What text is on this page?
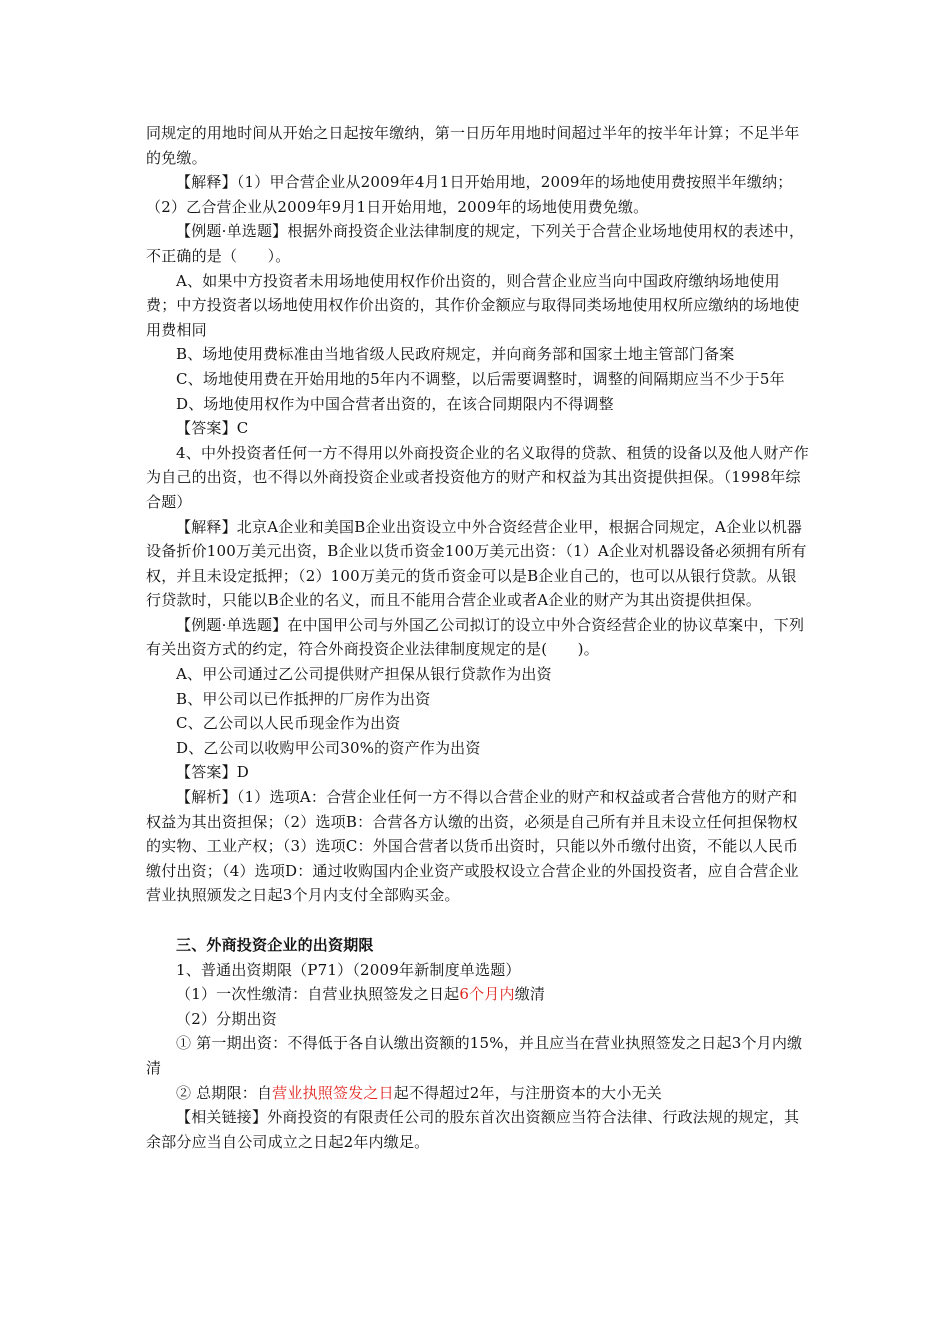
同规定的用地时间从开始之日起按年缴纳，第一日历年用地时间超过半年的按半年计算；不足半年的免缴。

【解释】（1）甲合营企业从2009年4月1日开始用地，2009年的场地使用费按照半年缴纳；（2）乙合营企业从2009年9月1日开始用地，2009年的场地使用费免缴。

【例题·单选题】根据外商投资企业法律制度的规定，下列关于合营企业场地使用权的表述中，不正确的是（　　）。

A、如果中方投资者未用场地使用权作价出资的，则合营企业应当向中国政府缴纳场地使用费；中方投资者以场地使用权作价出资的，其作价金额应与取得同类场地使用权所应缴纳的场地使用费相同

B、场地使用费标准由当地省级人民政府规定，并向商务部和国家土地主管部门备案

C、场地使用费在开始用地的5年内不调整，以后需要调整时，调整的间隔期应当不少于5年

D、场地使用权作为中国合营者出资的，在该合同期限内不得调整

【答案】C

4、中外投资者任何一方不得用以外商投资企业的名义取得的贷款、租赁的设备以及他人财产作为自己的出资，也不得以外商投资企业或者投资他方的财产和权益为其出资提供担保。（1998年综合题）

【解释】北京A企业和美国B企业出资设立中外合资经营企业甲，根据合同规定，A企业以机器设备折价100万美元出资，B企业以货币资金100万美元出资：（1）A企业对机器设备必须拥有所有权，并且未设定抵押；（2）100万美元的货币资金可以是B企业自己的，也可以从银行贷款。从银行贷款时，只能以B企业的名义，而且不能用合营企业或者A企业的财产为其出资提供担保。

【例题·单选题】在中国甲公司与外国乙公司拟订的设立中外合资经营企业的协议草案中，下列有关出资方式的约定，符合外商投资企业法律制度规定的是(　　)。

A、甲公司通过乙公司提供财产担保从银行贷款作为出资

B、甲公司以已作抵押的厂房作为出资

C、乙公司以人民币现金作为出资

D、乙公司以收购甲公司30%的资产作为出资

【答案】D

【解析】（1）选项A：合营企业任何一方不得以合营企业的财产和权益或者合营他方的财产和权益为其出资担保；（2）选项B：合营各方认缴的出资，必须是自己所有并且未设立任何担保物权的实物、工业产权；（3）选项C：外国合营者以货币出资时，只能以外币缴付出资，不能以人民币缴付出资；（4）选项D：通过收购国内企业资产或股权设立合营企业的外国投资者，应自合营企业营业执照颁发之日起3个月内支付全部购买金。

三、外商投资企业的出资期限

1、普通出资期限（P71）（2009年新制度单选题）

（1）一次性缴清：自营业执照签发之日起6个月内缴清

（2）分期出资

① 第一期出资：不得低于各自认缴出资额的15%，并且应当在营业执照签发之日起3个月内缴清

② 总期限：自营业执照签发之日起不得超过2年，与注册资本的大小无关

【相关链接】外商投资的有限责任公司的股东首次出资额应当符合法律、行政法规的规定，其余部分应当自公司成立之日起2年内缴足。
